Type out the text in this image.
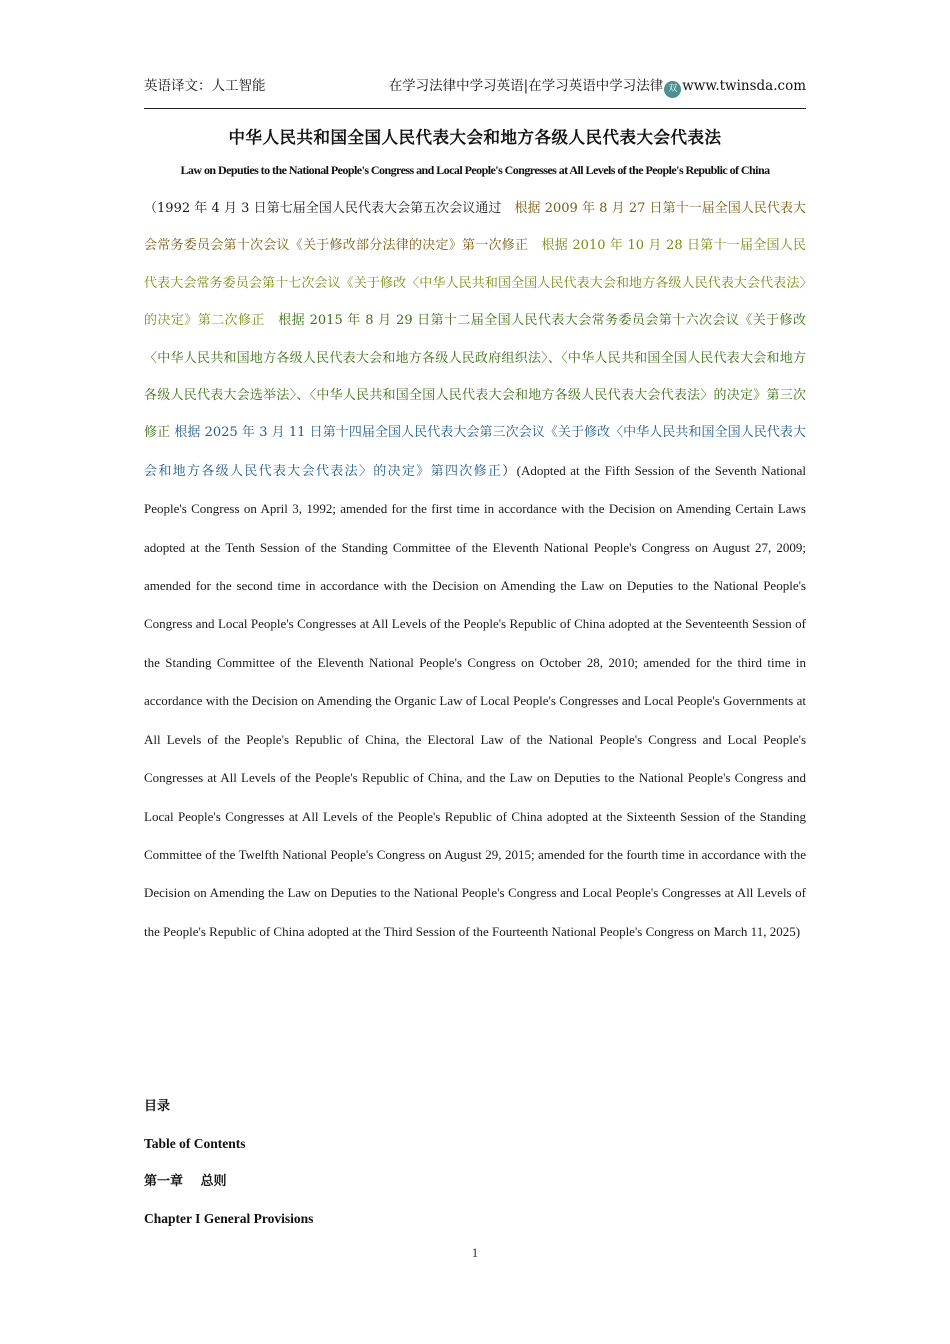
英语译文：人工智能	在学习法律中学习英语|在学习英语中学习法律 双 www.twinsda.com
中华人民共和国全国人民代表大会和地方各级人民代表大会代表法
Law on Deputies to the National People's Congress and Local People's Congresses at All Levels of the People's Republic of China
（1992 年 4 月 3 日第七届全国人民代表大会第五次会议通过　根据 2009 年 8 月 27 日第十一届全国人民代表大会常务委员会第十次会议《关于修改部分法律的决定》第一次修正　根据 2010 年 10 月 28 日第十一届全国人民代表大会常务委员会第十七次会议《关于修改〈中华人民共和国全国人民代表大会和地方各级人民代表大会代表法〉的决定》第二次修正　根据 2015 年 8 月 29 日第十二届全国人民代表大会常务委员会第十六次会议《关于修改〈中华人民共和国地方各级人民代表大会和地方各级人民政府组织法〉、〈中华人民共和国全国人民代表大会和地方各级人民代表大会选举法〉、〈中华人民共和国全国人民代表大会和地方各级人民代表大会代表法〉的决定》第三次修正 根据 2025 年 3 月 11 日第十四届全国人民代表大会第三次会议《关于修改〈中华人民共和国全国人民代表大会和地方各级人民代表大会代表法〉的决定》第四次修正）(Adopted at the Fifth Session of the Seventh National People's Congress on April 3, 1992; amended for the first time in accordance with the Decision on Amending Certain Laws adopted at the Tenth Session of the Standing Committee of the Eleventh National People's Congress on August 27, 2009; amended for the second time in accordance with the Decision on Amending the Law on Deputies to the National People's Congress and Local People's Congresses at All Levels of the People's Republic of China adopted at the Seventeenth Session of the Standing Committee of the Eleventh National People's Congress on October 28, 2010; amended for the third time in accordance with the Decision on Amending the Organic Law of Local People's Congresses and Local People's Governments at All Levels of the People's Republic of China, the Electoral Law of the National People's Congress and Local People's Congresses at All Levels of the People's Republic of China, and the Law on Deputies to the National People's Congress and Local People's Congresses at All Levels of the People's Republic of China adopted at the Sixteenth Session of the Standing Committee of the Twelfth National People's Congress on August 29, 2015; amended for the fourth time in accordance with the Decision on Amending the Law on Deputies to the National People's Congress and Local People's Congresses at All Levels of the People's Republic of China adopted at the Third Session of the Fourteenth National People's Congress on March 11, 2025)
目录
Table of Contents
第一章　 总则
Chapter I General Provisions
1
